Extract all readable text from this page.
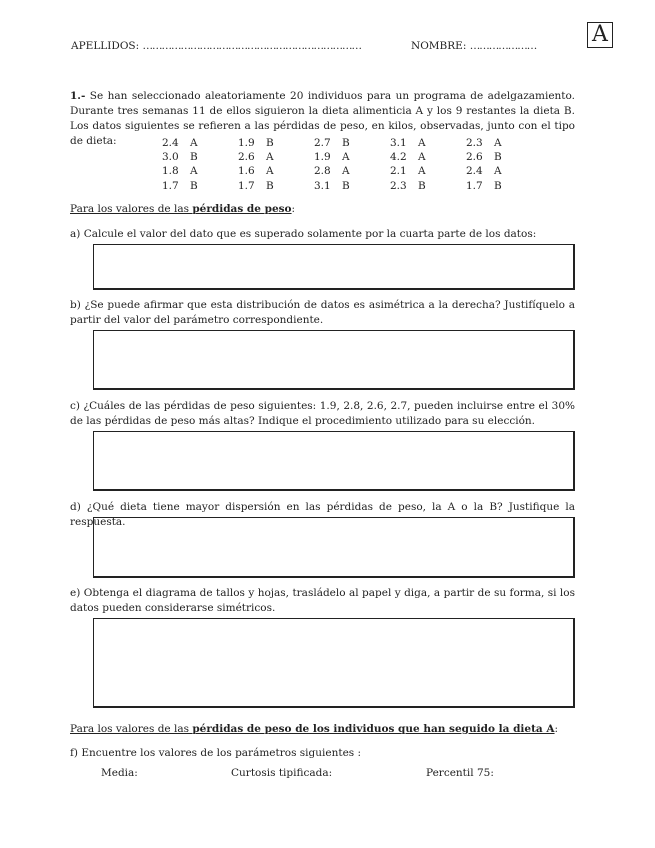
APELLIDOS: ……………………………………………………………	NOMBRE: …………………	A
1.- Se han seleccionado aleatoriamente 20 individuos para un programa de adelgazamiento. Durante tres semanas 11 de ellos siguieron la dieta alimenticia A y los 9 restantes la dieta B. Los datos siguientes se refieren a las pérdidas de peso, en kilos, observadas, junto con el tipo de dieta:	2.4	A	1.9	B	2.7	B	3.1	A	2.3	A
3.0	B	2.6	A	1.9	A	4.2	A	2.6	B
1.8	A	1.6	A	2.8	A	2.1	A	2.4	A
1.7	B	1.7	B	3.1	B	2.3	B	1.7	B
Para los valores de las pérdidas de peso:
a) Calcule el valor del dato que es superado solamente por la cuarta parte de los datos:
b) ¿Se puede afirmar que esta distribución de datos es asimétrica a la derecha? Justifíquelo a partir del valor del parámetro correspondiente.
c) ¿Cuáles de las pérdidas de peso siguientes: 1.9, 2.8, 2.6, 2.7, pueden incluirse entre el 30% de las pérdidas de peso más altas? Indique el procedimiento utilizado para su elección.
d) ¿Qué dieta tiene mayor dispersión en las pérdidas de peso, la A o la B? Justifique la respuesta.
e) Obtenga el diagrama de tallos y hojas, trasládelo al papel y diga, a partir de su forma, si los datos pueden considerarse simétricos.
Para los valores de las pérdidas de peso de los individuos que han seguido la dieta A:
f) Encuentre los valores de los parámetros siguientes :
Media:	Curtosis tipificada:	Percentil 75:
